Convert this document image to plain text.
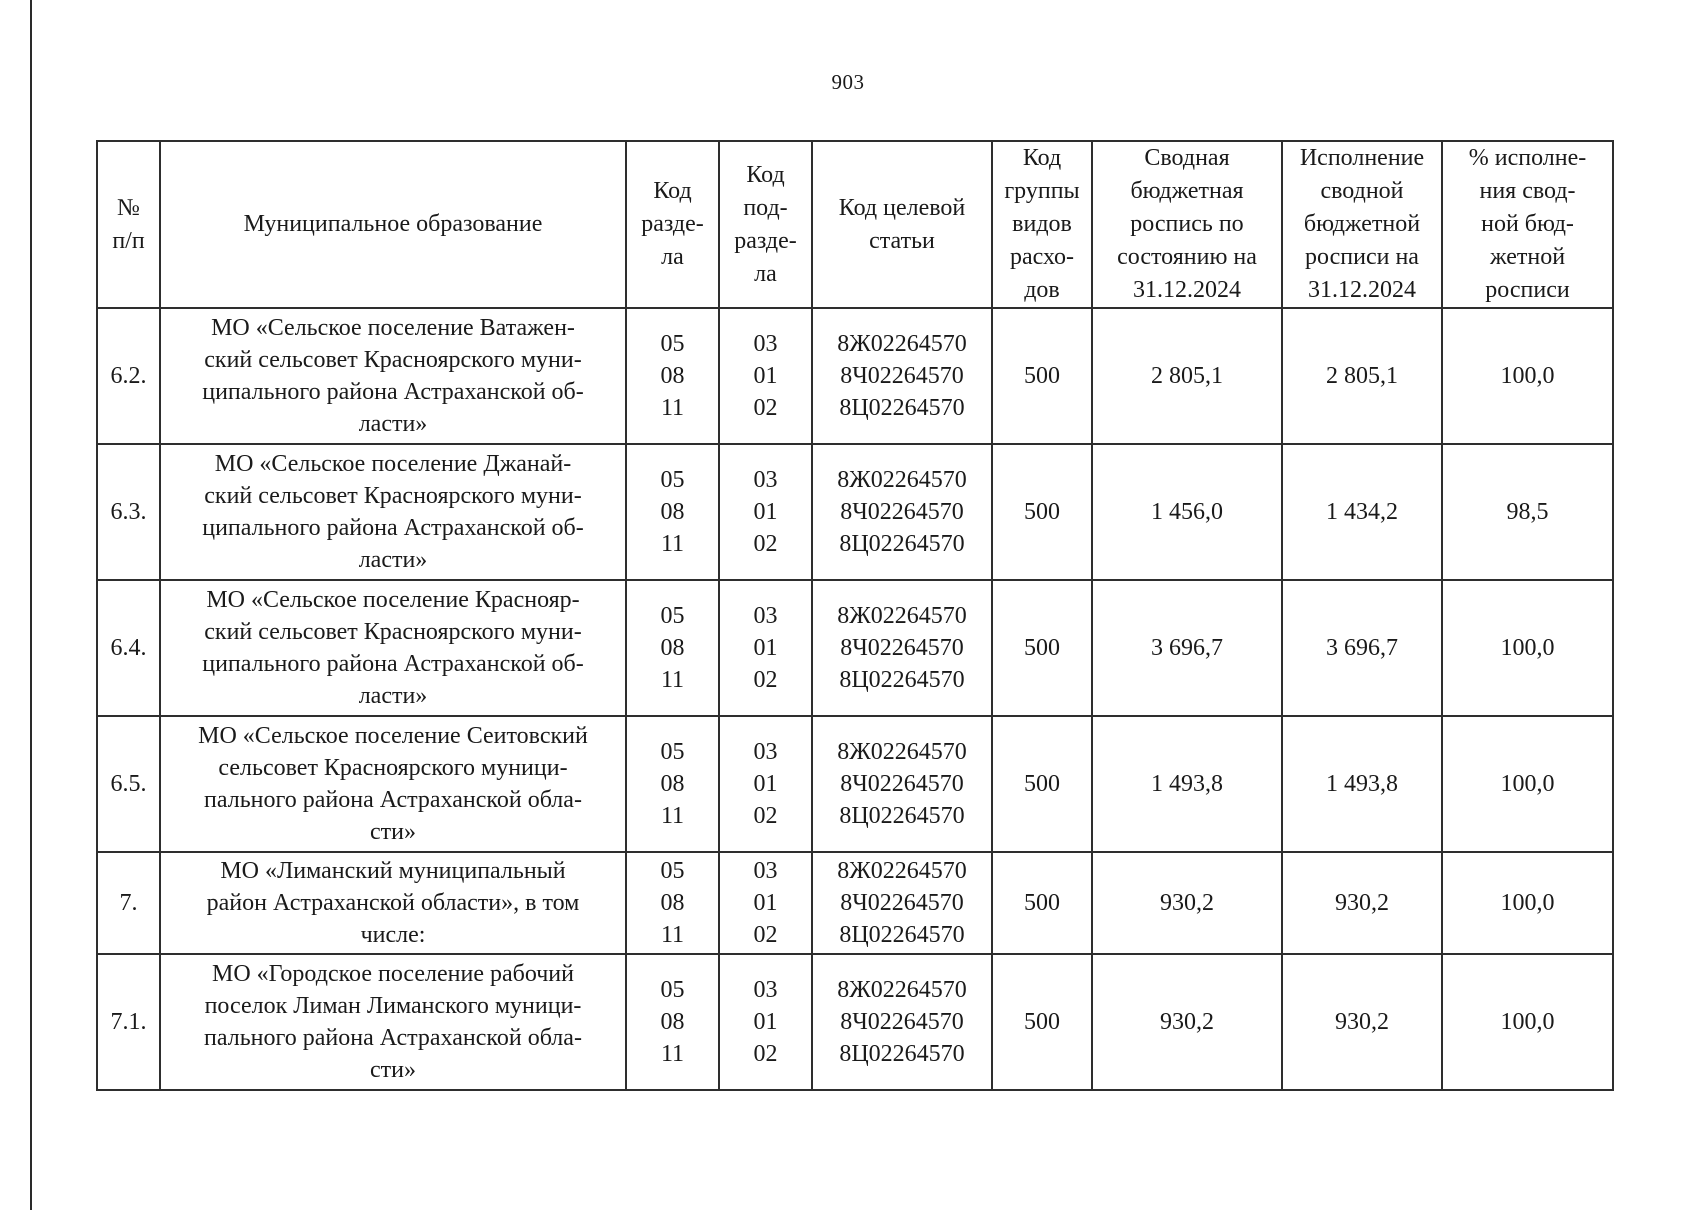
903
№
п/п	Муниципальное образование	Код
разде-
ла	Код
под-
разде-
ла	Код целевой
статьи	Код
группы
видов
расхо-
дов	Сводная
бюджетная
роспись по
состоянию на
31.12.2024	Исполнение
сводной
бюджетной
росписи на
31.12.2024	% исполне-
ния свод-
ной бюд-
жетной
росписи

6.2.	МО «Сельское поселение Ватажен-
ский сельсовет Красноярского муни-
ципального района Астраханской об-
ласти»	05
08
11	03
01
02	8Ж02264570
8Ч02264570
8Ц02264570	500	2 805,1	2 805,1	100,0
6.3.	МО «Сельское поселение Джанай-
ский сельсовет Красноярского муни-
ципального района Астраханской об-
ласти»	05
08
11	03
01
02	8Ж02264570
8Ч02264570
8Ц02264570	500	1 456,0	1 434,2	98,5
6.4.	МО «Сельское поселение Краснояр-
ский сельсовет Красноярского муни-
ципального района Астраханской об-
ласти»	05
08
11	03
01
02	8Ж02264570
8Ч02264570
8Ц02264570	500	3 696,7	3 696,7	100,0
6.5.	МО «Сельское поселение Сеитовский
сельсовет Красноярского муници-
пального района Астраханской обла-
сти»	05
08
11	03
01
02	8Ж02264570
8Ч02264570
8Ц02264570	500	1 493,8	1 493,8	100,0
7.	МО «Лиманский муниципальный
район Астраханской области», в том
числе:	05
08
11	03
01
02	8Ж02264570
8Ч02264570
8Ц02264570	500	930,2	930,2	100,0
7.1.	МО «Городское поселение рабочий
поселок Лиман Лиманского муници-
пального района Астраханской обла-
сти»	05
08
11	03
01
02	8Ж02264570
8Ч02264570
8Ц02264570	500	930,2	930,2	100,0
